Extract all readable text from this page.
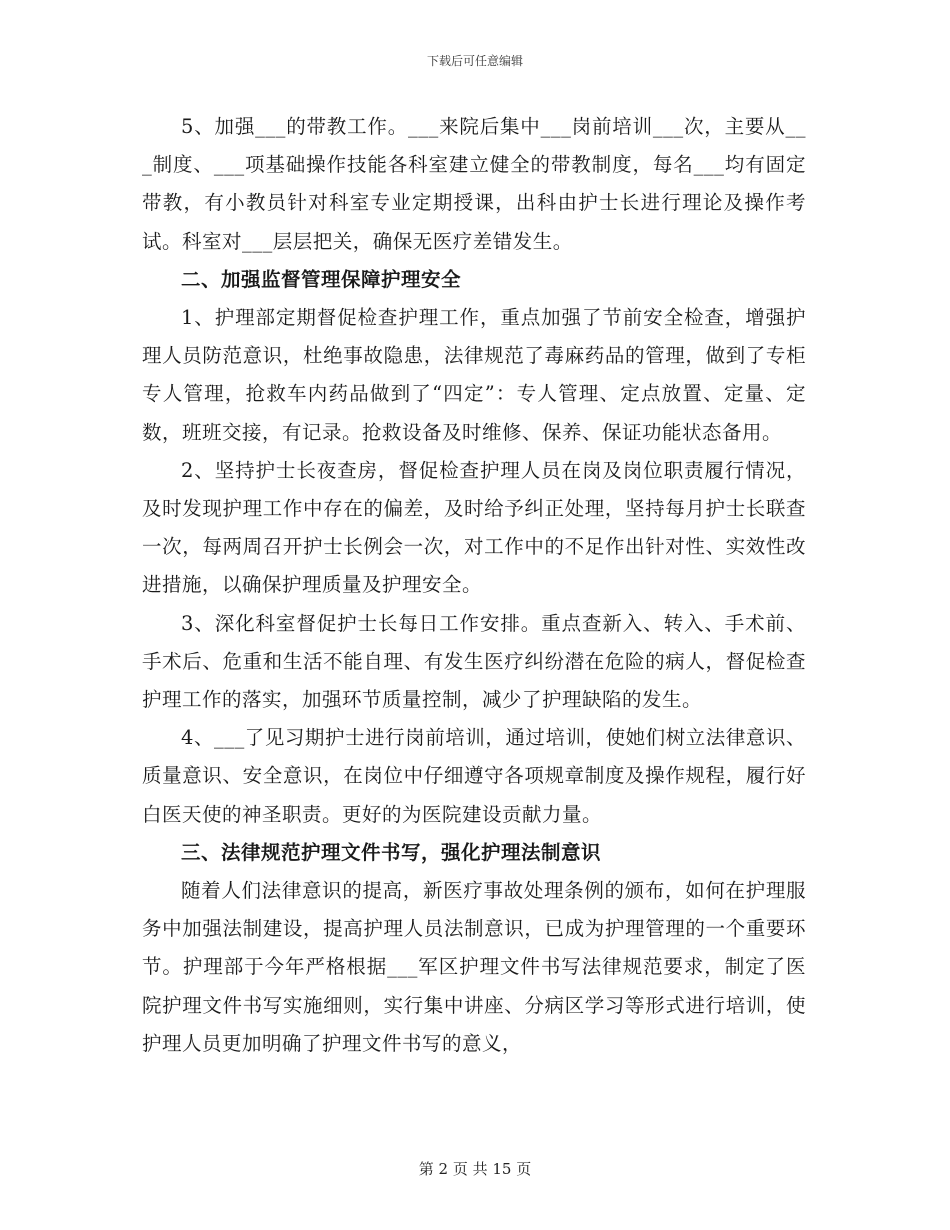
下载后可任意编辑

5、加强___的带教工作。___来院后集中___岗前培训___次，主要从___制度、___项基础操作技能各科室建立健全的带教制度，每名___均有固定带教，有小教员针对科室专业定期授课，出科由护士长进行理论及操作考试。科室对___层层把关，确保无医疗差错发生。

二、加强监督管理保障护理安全

1、护理部定期督促检查护理工作，重点加强了节前安全检查，增强护理人员防范意识，杜绝事故隐患，法律规范了毒麻药品的管理，做到了专柜专人管理，抢救车内药品做到了“四定”：专人管理、定点放置、定量、定数，班班交接，有记录。抢救设备及时维修、保养、保证功能状态备用。

2、坚持护士长夜查房，督促检查护理人员在岗及岗位职责履行情况，及时发现护理工作中存在的偏差，及时给予纠正处理，坚持每月护士长联查一次，每两周召开护士长例会一次，对工作中的不足作出针对性、实效性改进措施，以确保护理质量及护理安全。

3、深化科室督促护士长每日工作安排。重点查新入、转入、手术前、手术后、危重和生活不能自理、有发生医疗纠纷潜在危险的病人，督促检查护理工作的落实，加强环节质量控制，减少了护理缺陷的发生。

4、___了见习期护士进行岗前培训，通过培训，使她们树立法律意识、质量意识、安全意识，在岗位中仔细遵守各项规章制度及操作规程，履行好白医天使的神圣职责。更好的为医院建设贡献力量。

三、法律规范护理文件书写，强化护理法制意识

随着人们法律意识的提高，新医疗事故处理条例的颁布，如何在护理服务中加强法制建设，提高护理人员法制意识，已成为护理管理的一个重要环节。护理部于今年严格根据___军区护理文件书写法律规范要求，制定了医院护理文件书写实施细则，实行集中讲座、分病区学习等形式进行培训，使护理人员更加明确了护理文件书写的意义，

第 2 页 共 15 页
